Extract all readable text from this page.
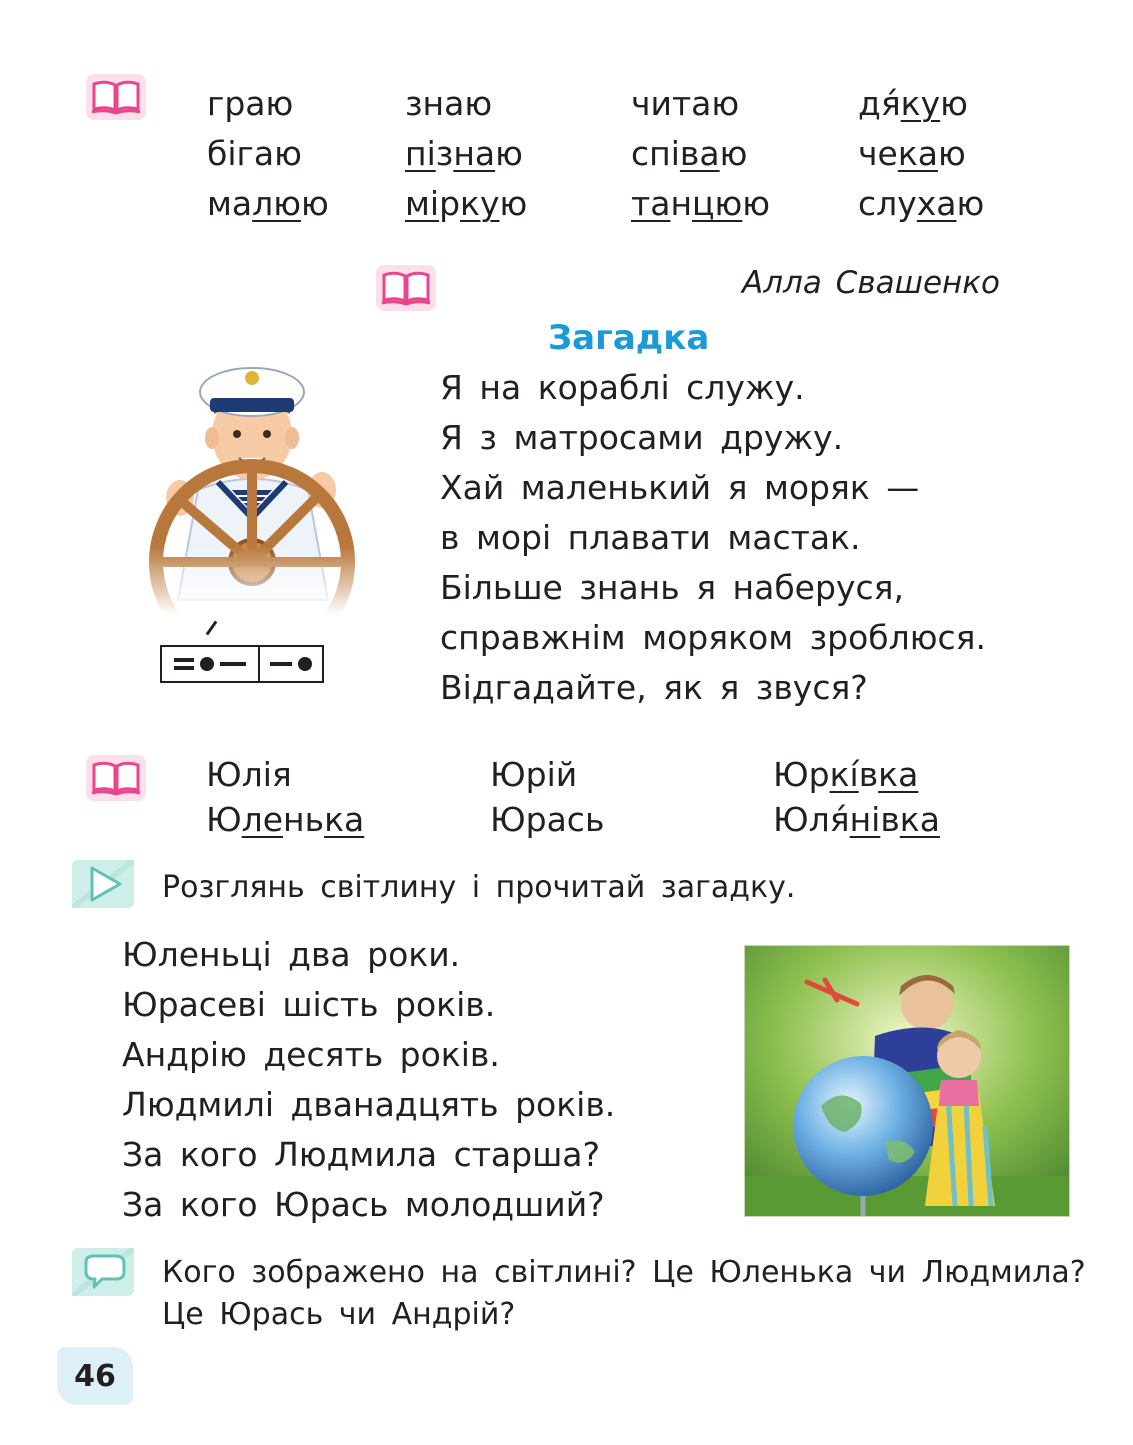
граю
бігаю
малюю
знаю
пізнаю
міркую
читаю
співаю
танцюю
дя́кую
чекаю
слухаю
Алла Свашенко
Загадка
Я на кораблі служу.
Я з матросами дружу.
Хай маленький я моряк —
в морі плавати мастак.
Більше знань я наберуся,
справжнім моряком зроблюся.
Відгадайте, як я звуся?
Юлія
Юленька
Юрій
Юрась
Юркі́вка
Юля́нівка
Розглянь світлину і прочитай загадку.
Юленьці два роки.
Юрасеві шість років.
Андрію десять років.
Людмилі дванадцять років.
За кого Людмила старша?
За кого Юрась молодший?
Кого зображено на світлині? Це Юленька чи Людмила?
Це Юрась чи Андрій?
46
